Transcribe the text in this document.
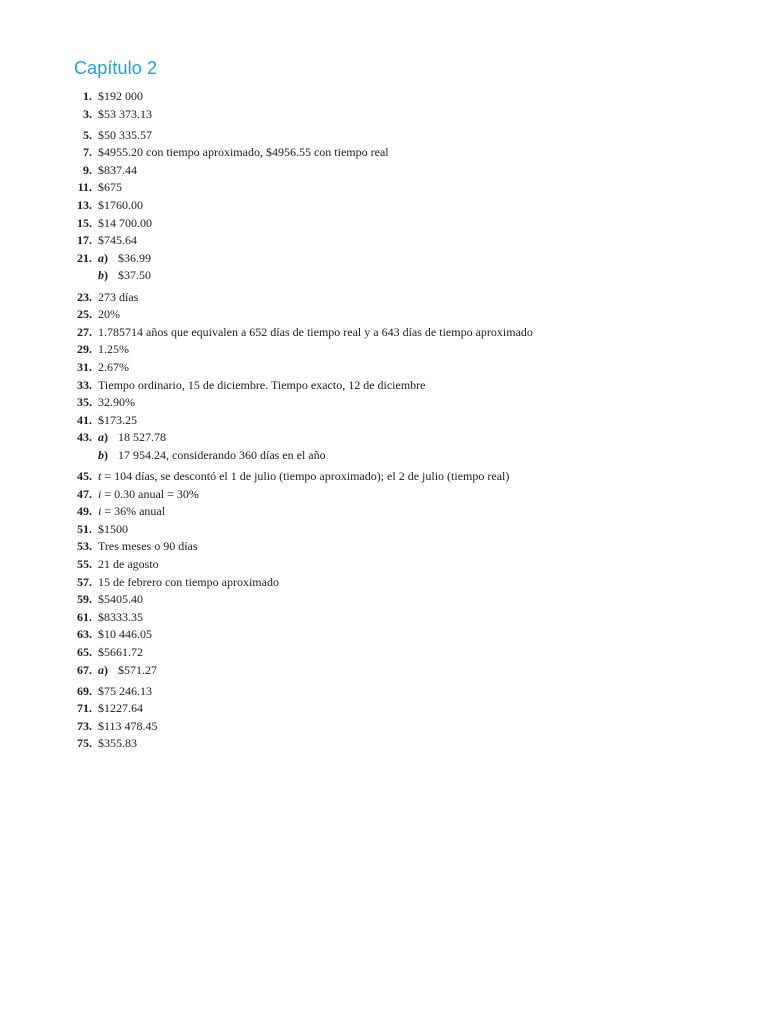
Capítulo 2
1. $192 000
3. $53 373.13
5. $50 335.57
7. $4955.20 con tiempo aproximado, $4956.55 con tiempo real
9. $837.44
11. $675
13. $1760.00
15. $14 700.00
17. $745.64
21. a) $36.99
b) $37.50
23. 273 días
25. 20%
27. 1.785714 años que equivalen a 652 días de tiempo real y a 643 días de tiempo aproximado
29. 1.25%
31. 2.67%
33. Tiempo ordinario, 15 de diciembre. Tiempo exacto, 12 de diciembre
35. 32.90%
41. $173.25
43. a) 18 527.78
b) 17 954.24, considerando 360 días en el año
45. t = 104 días, se descontó el 1 de julio (tiempo aproximado); el 2 de julio (tiempo real)
47. i = 0.30 anual = 30%
49. i = 36% anual
51. $1500
53. Tres meses o 90 días
55. 21 de agosto
57. 15 de febrero con tiempo aproximado
59. $5405.40
61. $8333.35
63. $10 446.05
65. $5661.72
67. a) $571.27
69. $75 246.13
71. $1227.64
73. $113 478.45
75. $355.83
